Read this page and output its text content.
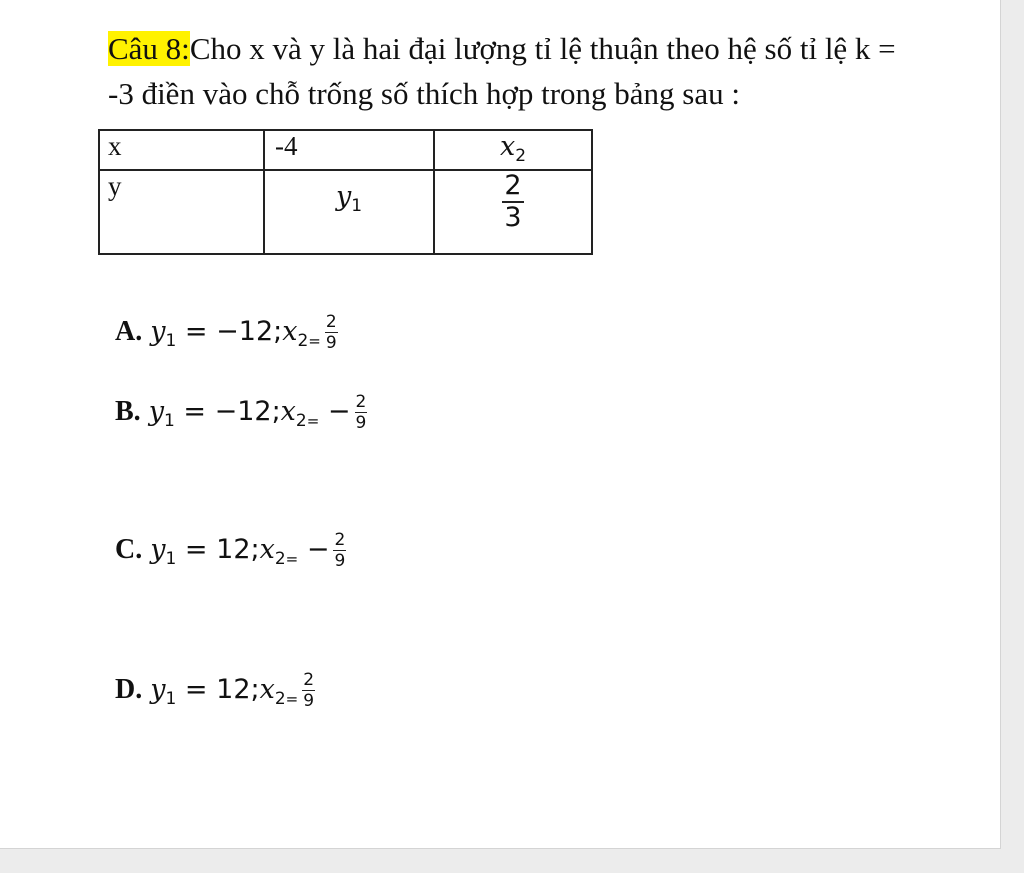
Câu 8:Cho x và y là hai đại lượng tỉ lệ thuận theo hệ số tỉ lệ k = -3 điền vào chỗ trống số thích hợp trong bảng sau :
x	-4	$x_2$
y	$y_1$	$\frac{2}{3}$
A. $y_1$ = $-12;x_{2=} \frac{2}{9}$
B. $y_1$ = $-12;x_{2=} - \frac{2}{9}$
C. $y_1$ = $12;x_{2=} - \frac{2}{9}$
D. $y_1$ = $12;x_{2=} \frac{2}{9}$
